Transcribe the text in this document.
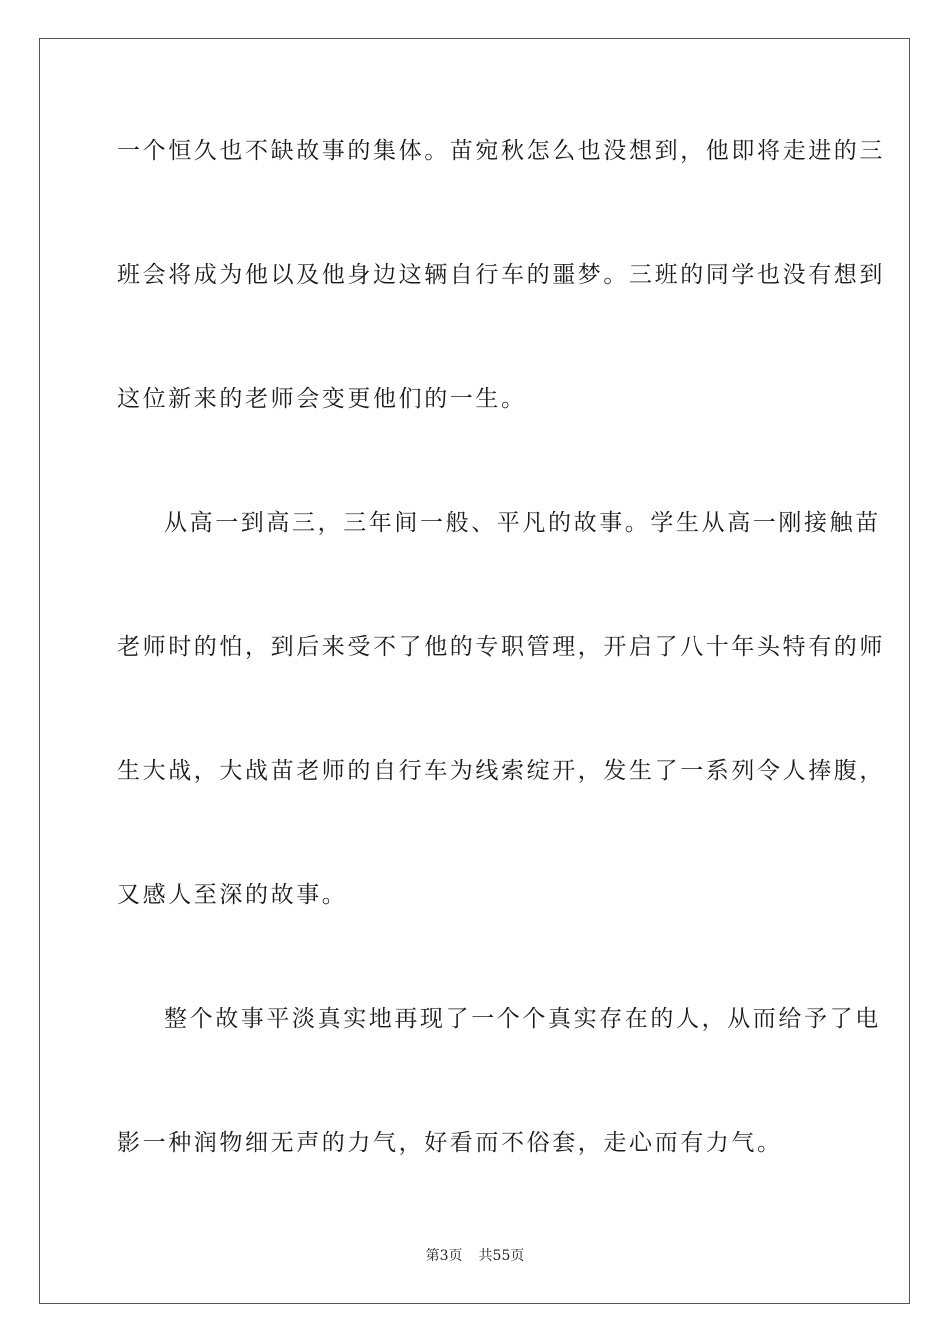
一个恒久也不缺故事的集体。苗宛秋怎么也没想到，他即将走进的三
班会将成为他以及他身边这辆自行车的噩梦。三班的同学也没有想到
这位新来的老师会变更他们的一生。
从高一到高三，三年间一般、平凡的故事。学生从高一刚接触苗
老师时的怕，到后来受不了他的专职管理，开启了八十年头特有的师
生大战，大战苗老师的自行车为线索绽开，发生了一系列令人捧腹，
又感人至深的故事。
整个故事平淡真实地再现了一个个真实存在的人，从而给予了电
影一种润物细无声的力气，好看而不俗套，走心而有力气。
第3页 共55页
